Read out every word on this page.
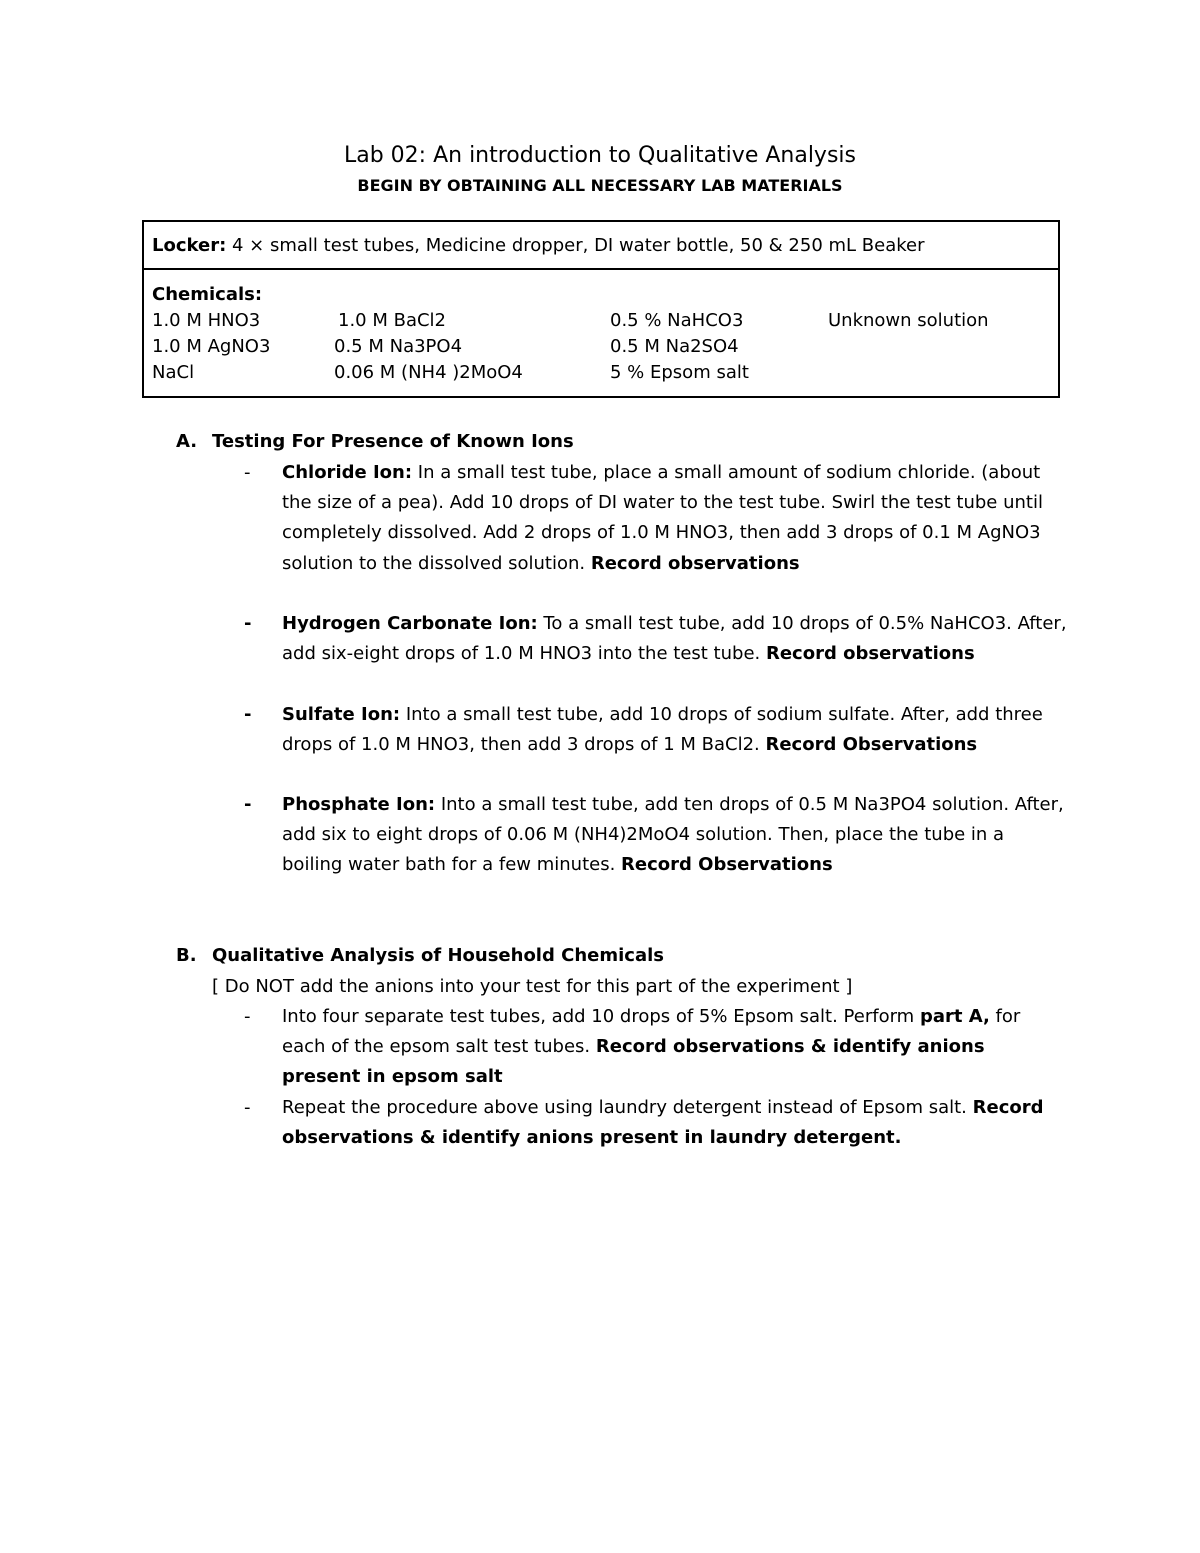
Lab 02: An introduction to Qualitative Analysis
BEGIN BY OBTAINING ALL NECESSARY LAB MATERIALS
Locker: 4 × small test tubes, Medicine dropper, DI water bottle, 50 & 250 mL Beaker
Chemicals:
1.0 M HNO3	1.0 M BaCl2	0.5 % NaHCO3	Unknown solution
1.0 M AgNO3	0.5 M Na3PO4	0.5 M Na2SO4
NaCl	0.06 M (NH4 )2MoO4	5 % Epsom salt
A. Testing For Presence of Known Ions
- Chloride Ion: In a small test tube, place a small amount of sodium chloride. (about the size of a pea). Add 10 drops of DI water to the test tube. Swirl the test tube until completely dissolved. Add 2 drops of 1.0 M HNO3, then add 3 drops of 0.1 M AgNO3 solution to the dissolved solution. Record observations
- Hydrogen Carbonate Ion: To a small test tube, add 10 drops of 0.5% NaHCO3. After, add six-eight drops of 1.0 M HNO3 into the test tube. Record observations
- Sulfate Ion: Into a small test tube, add 10 drops of sodium sulfate. After, add three drops of 1.0 M HNO3, then add 3 drops of 1 M BaCl2. Record Observations
- Phosphate Ion: Into a small test tube, add ten drops of 0.5 M Na3PO4 solution. After, add six to eight drops of 0.06 M (NH4)2MoO4 solution. Then, place the tube in a boiling water bath for a few minutes. Record Observations
B. Qualitative Analysis of Household Chemicals
[ Do NOT add the anions into your test for this part of the experiment ]
- Into four separate test tubes, add 10 drops of 5% Epsom salt. Perform part A, for each of the epsom salt test tubes. Record observations & identify anions present in epsom salt
- Repeat the procedure above using laundry detergent instead of Epsom salt. Record observations & identify anions present in laundry detergent.
